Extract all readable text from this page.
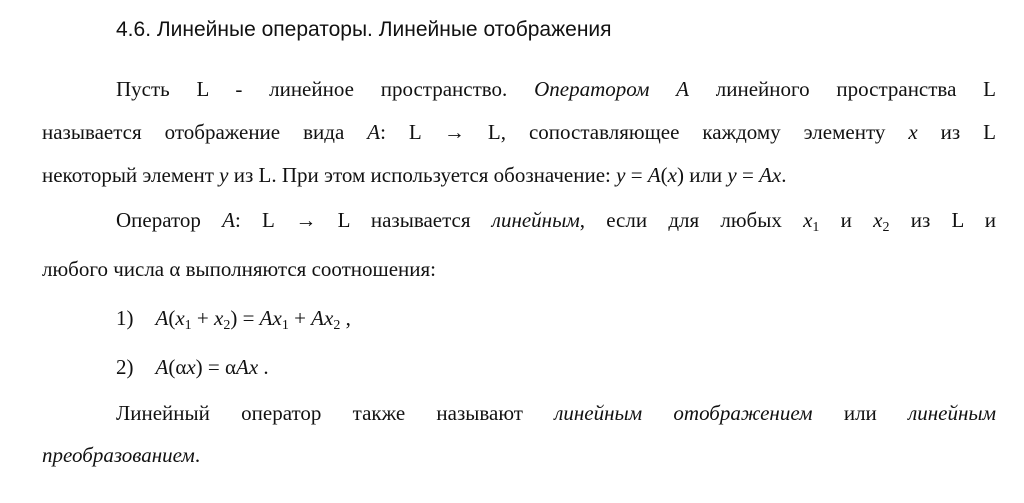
4.6. Линейные операторы. Линейные отображения
Пусть L - линейное пространство. Оператором A линейного пространства L
называется отображение вида A: L → L, сопоставляющее каждому элементу x из L
некоторый элемент y из L. При этом используется обозначение: y = A(x) или y = Ax.
Оператор A: L → L называется линейным, если для любых $x_1$ и $x_2$ из L и
любого числа α выполняются соотношения:
1) $A(x_1 + x_2) = Ax_1 + Ax_2$ ,
2) A(αx) = αAx .
Линейный оператор также называют линейным отображением или линейным
преобразованием.
